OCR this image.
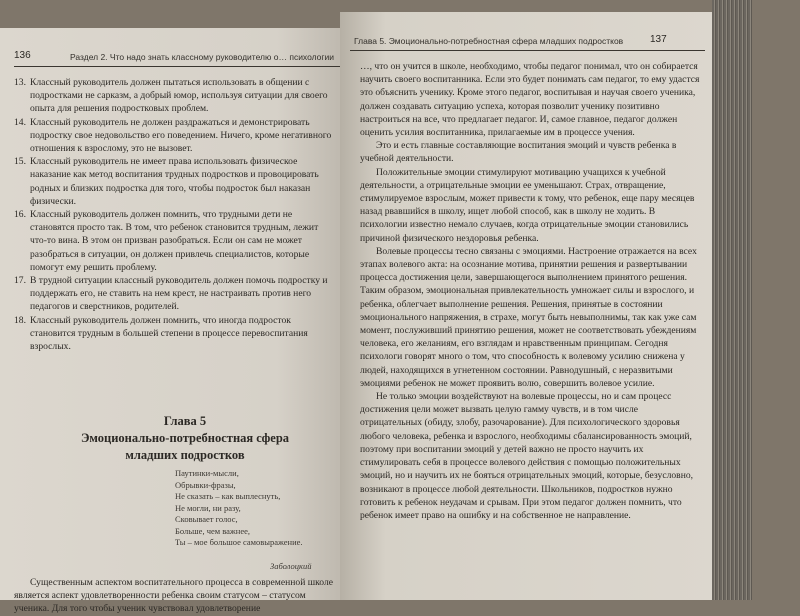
136	Раздел 2. Что надо знать классному руководителю о… психологии
13. Классный руководитель должен пытаться использовать в общении с подростками не сарказм, а добрый юмор, используя ситуации для своего опыта для решения подростковых проблем.
14. Классный руководитель не должен раздражаться и демонстрировать подростку свое недовольство его поведением. Ничего, кроме негативного отношения к взрослому, это не вызовет.
15. Классный руководитель не имеет права использовать физическое наказание как метод воспитания трудных подростков и провоцировать родных и близких подростка для того, чтобы подросток был наказан физически.
16. Классный руководитель должен помнить, что трудными дети не становятся просто так. В том, что ребенок становится трудным, лежит что-то вина. В этом он призван разобраться. Если он сам не может разобраться в ситуации, он должен привлечь специалистов, которые помогут ему решить проблему.
17. В трудной ситуации классный руководитель должен помочь подростку и поддержать его, не ставить на нем крест, не настраивать против него педагогов и сверстников, родителей.
18. Классный руководитель должен помнить, что иногда подросток становится трудным в большей степени в процессе перевоспитания взрослых.
Глава 5
Эмоционально-потребностная сфера
младших подростков
Паутинки-мысли,
Обрывки-фразы,
Не сказать – как выплеснуть,
Не могли, ни разу,
Сковывает голос,
Больше, чем важнее,
Ты – мое большое самовыражение.
Заболоцкий
Существенным аспектом воспитательного процесса в современной школе является аспект удовлетворенности ребенка своим статусом – статусом ученика. Для того чтобы ученик чувствовал удовлетворение
Глава 5. Эмоционально-потребностная сфера младших подростков	137

…, что он учится в школе, необходимо, чтобы педагог понимал, что он собирается научить своего воспитанника. Если это будет понимать сам педагог, то ему удастся это объяснить ученику. Кроме этого педагог, воспитывая и научая своего ученика, должен создавать ситуацию успеха, которая позволит ученику позитивно настроиться на все, что предлагает педагог. И, самое главное, педагог должен оценить усилия воспитанника, прилагаемые им в процессе учения.

Это и есть главные составляющие воспитания эмоций и чувств ребенка в учебной деятельности.

Положительные эмоции стимулируют мотивацию учащихся к учебной деятельности, а отрицательные эмоции ее уменьшают. Страх, отвращение, стимулируемое взрослым, может привести к тому, что ребенок, еще пару месяцев назад рвавшийся в школу, ищет любой способ, как в школу не ходить. В психологии известно немало случаев, когда отрицательные эмоции становились причиной физического нездоровья ребенка.

Волевые процессы тесно связаны с эмоциями. Настроение отражается на всех этапах волевого акта: на осознание мотива, принятии решения и развертывании процесса достижения цели, завершающегося выполнением принятого решения. Таким образом, эмоциональная привлекательность умножает силы и взрослого, и ребенка, облегчает выполнение решения. Решения, принятые в состоянии эмоционального напряжения, в страхе, могут быть невыполнимы, так как уже сам момент, послуживший принятию решения, может не соответствовать убеждениям человека, его желаниям, его взглядам и нравственным принципам. Сегодня психологи говорят много о том, что способность к волевому усилию снижена у людей, находящихся в угнетенном состоянии. Равнодушный, с неразвитыми эмоциями ребенок не может проявить волю, совершить волевое усилие.

Не только эмоции воздействуют на волевые процессы, но и сам процесс достижения цели может вызвать целую гамму чувств, и в том числе отрицательных (обиду, злобу, разочарование). Для психологического здоровья любого человека, ребенка и взрослого, необходимы сбалансированность эмоций, поэтому при воспитании эмоций у детей важно не просто научить их стимулировать себя в процессе волевого действия с помощью положительных эмоций, но и научить их не бояться отрицательных эмоций, которые, безусловно, возникают в процессе любой деятельности. Школьников, подростков нужно готовить к ребенок неудачам и срывам. При этом педагог должен помнить, что ребенок имеет право на ошибку и на собственное не направление.
